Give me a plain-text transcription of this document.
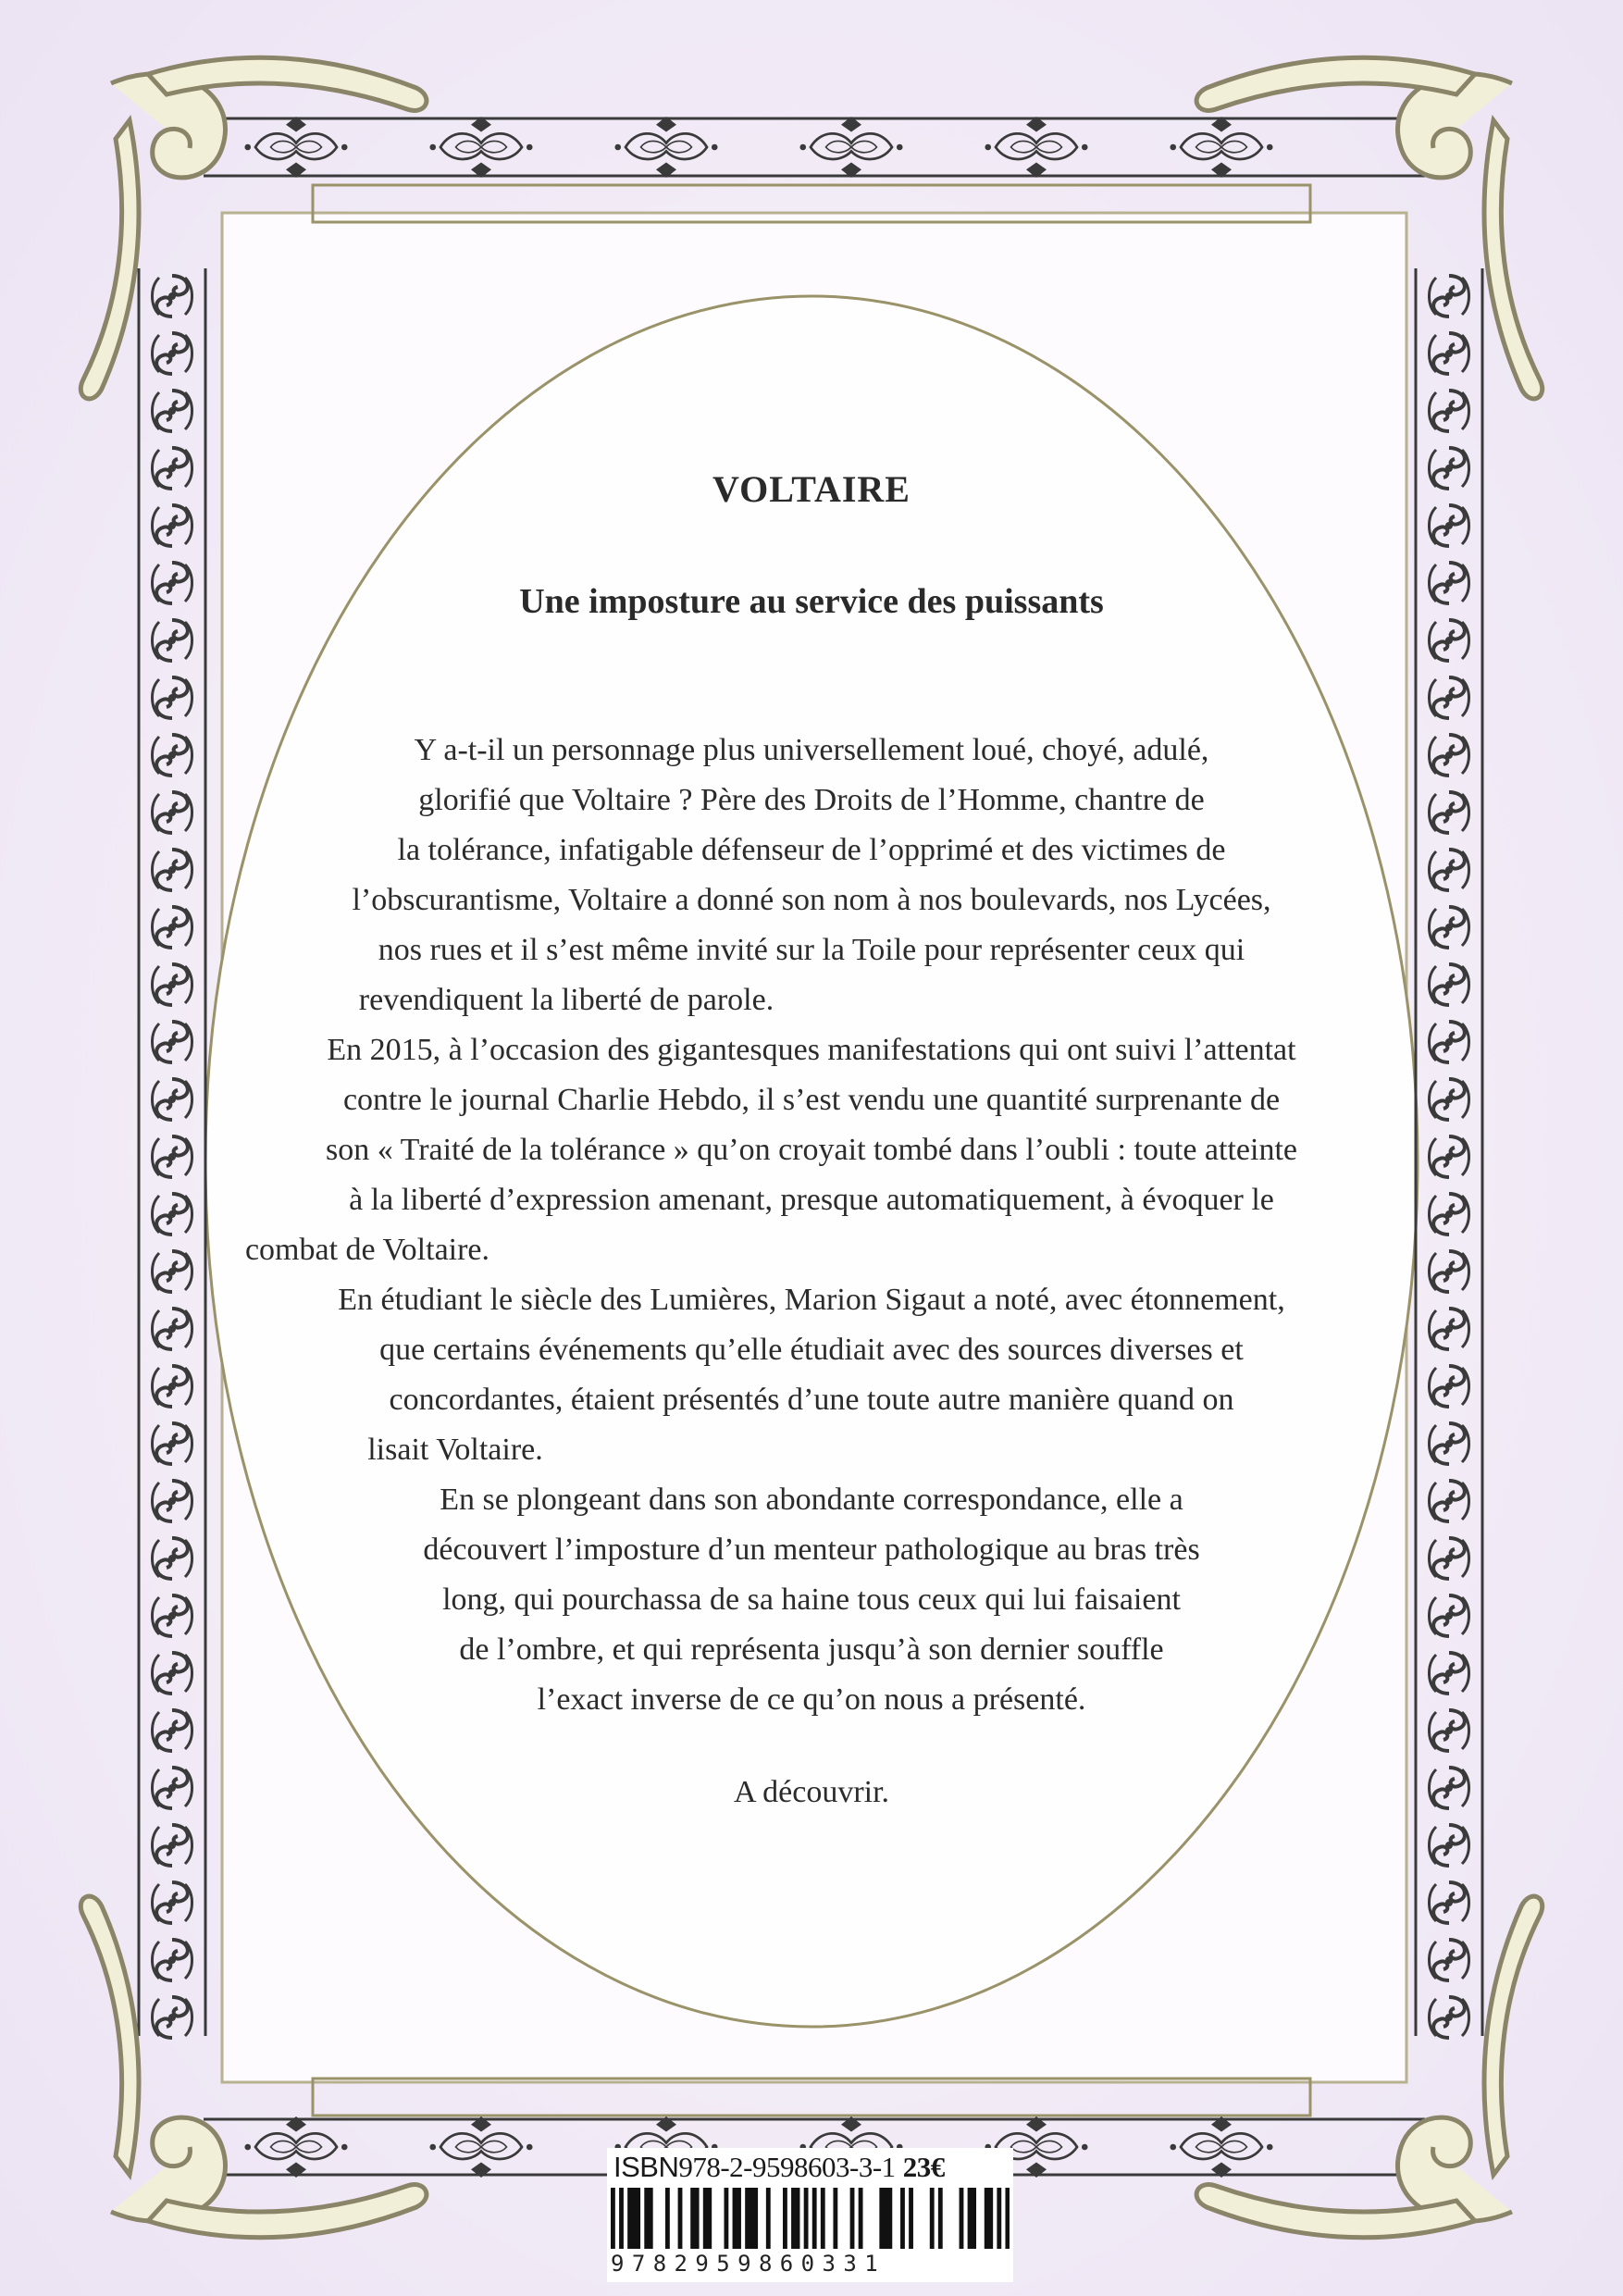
VOLTAIRE
Une imposture au service des puissants
Y a-t-il un personnage plus universellement loué, choyé, adulé,
glorifié que Voltaire ? Père des Droits de l’Homme, chantre de
la tolérance, infatigable défenseur de l’opprimé et des victimes de
l’obscurantisme, Voltaire a donné son nom à nos boulevards, nos Lycées,
nos rues et il s’est même invité sur la Toile pour représenter ceux qui
revendiquent la liberté de parole.
En 2015, à l’occasion des gigantesques manifestations qui ont suivi l’attentat
contre le journal Charlie Hebdo, il s’est vendu une quantité surprenante de
son « Traité de la tolérance » qu’on croyait tombé dans l’oubli : toute atteinte
à la liberté d’expression amenant, presque automatiquement, à évoquer le
combat de Voltaire.
En étudiant le siècle des Lumières, Marion Sigaut a noté, avec étonnement,
que certains événements qu’elle étudiait avec des sources diverses et
concordantes, étaient présentés d’une toute autre manière quand on
lisait Voltaire.
En se plongeant dans son abondante correspondance, elle a
découvert l’imposture d’un menteur pathologique au bras très
long, qui pourchassa de sa haine tous ceux qui lui faisaient
de l’ombre, et qui représenta jusqu’à son dernier souffle
l’exact inverse de ce qu’on nous a présenté.
A découvrir.
ISBN978-2-9598603-3-1 23€
9782959860331
